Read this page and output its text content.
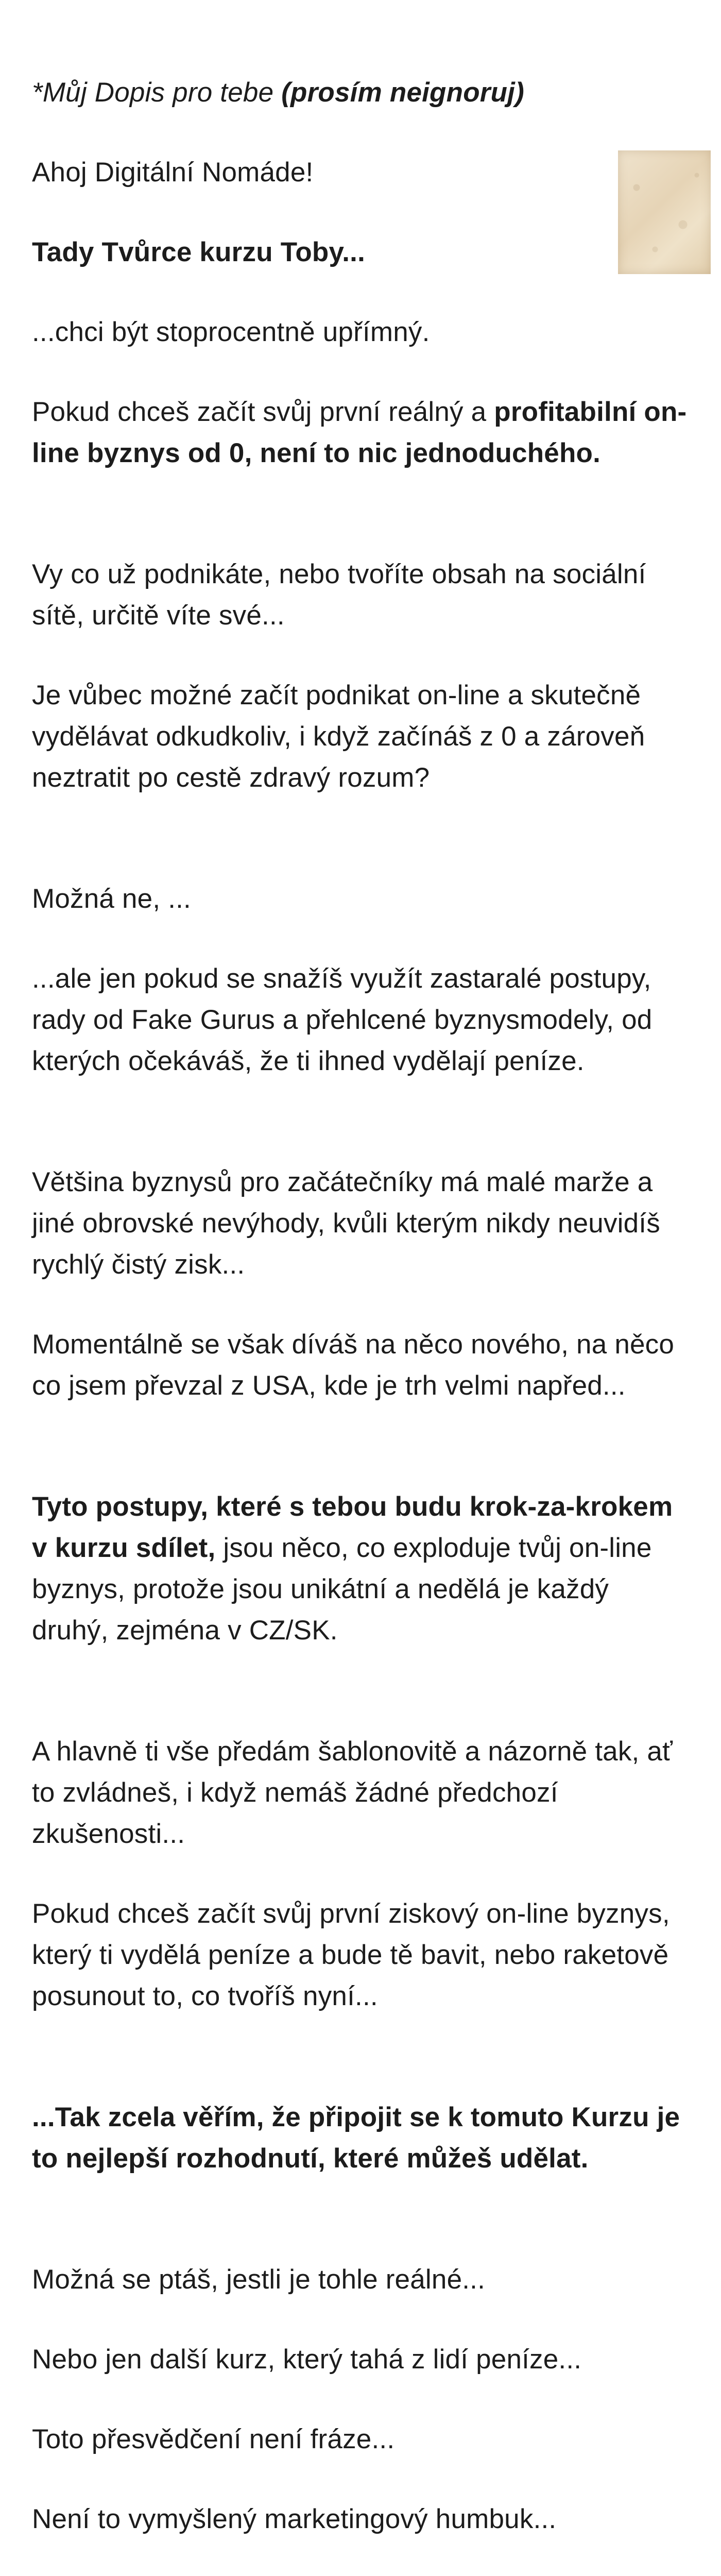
*Můj Dopis pro tebe (prosím neignoruj)

Ahoj Digitální Nomáde!

Tady Tvůrce kurzu Toby...

...chci být stoprocentně upřímný.

Pokud chceš začít svůj první reálný a profitabilní on-line byznys od 0, není to nic jednoduchého.

Vy co už podnikáte, nebo tvoříte obsah na sociální sítě, určitě víte své...

Je vůbec možné začít podnikat on-line a skutečně vydělávat odkudkoliv, i když začínáš z 0 a zároveň neztratit po cestě zdravý rozum?

Možná ne, ...

...ale jen pokud se snažíš využít zastaralé postupy, rady od Fake Gurus a přehlcené byznysmodely, od kterých očekáváš, že ti ihned vydělají peníze.

Většina byznysů pro začátečníky má malé marže a jiné obrovské nevýhody, kvůli kterým nikdy neuvidíš rychlý čistý zisk...

Momentálně se však díváš na něco nového, na něco co jsem převzal z USA, kde je trh velmi napřed...

Tyto postupy, které s tebou budu krok-za-krokem v kurzu sdílet, jsou něco, co exploduje tvůj on-line byznys, protože jsou unikátní a nedělá je každý druhý, zejména v CZ/SK.

A hlavně ti vše předám šablonovitě a názorně tak, ať to zvládneš, i když nemáš žádné předchozí zkušenosti...

Pokud chceš začít svůj první ziskový on-line byznys, který ti vydělá peníze a bude tě bavit, nebo raketově posunout to, co tvoříš nyní...

...Tak zcela věřím, že připojit se k tomuto Kurzu je to nejlepší rozhodnutí, které můžeš udělat.

Možná se ptáš, jestli je tohle reálné...

Nebo jen další kurz, který tahá z lidí peníze...

Toto přesvědčení není fráze...

Není to vymyšlený marketingový humbuk...
